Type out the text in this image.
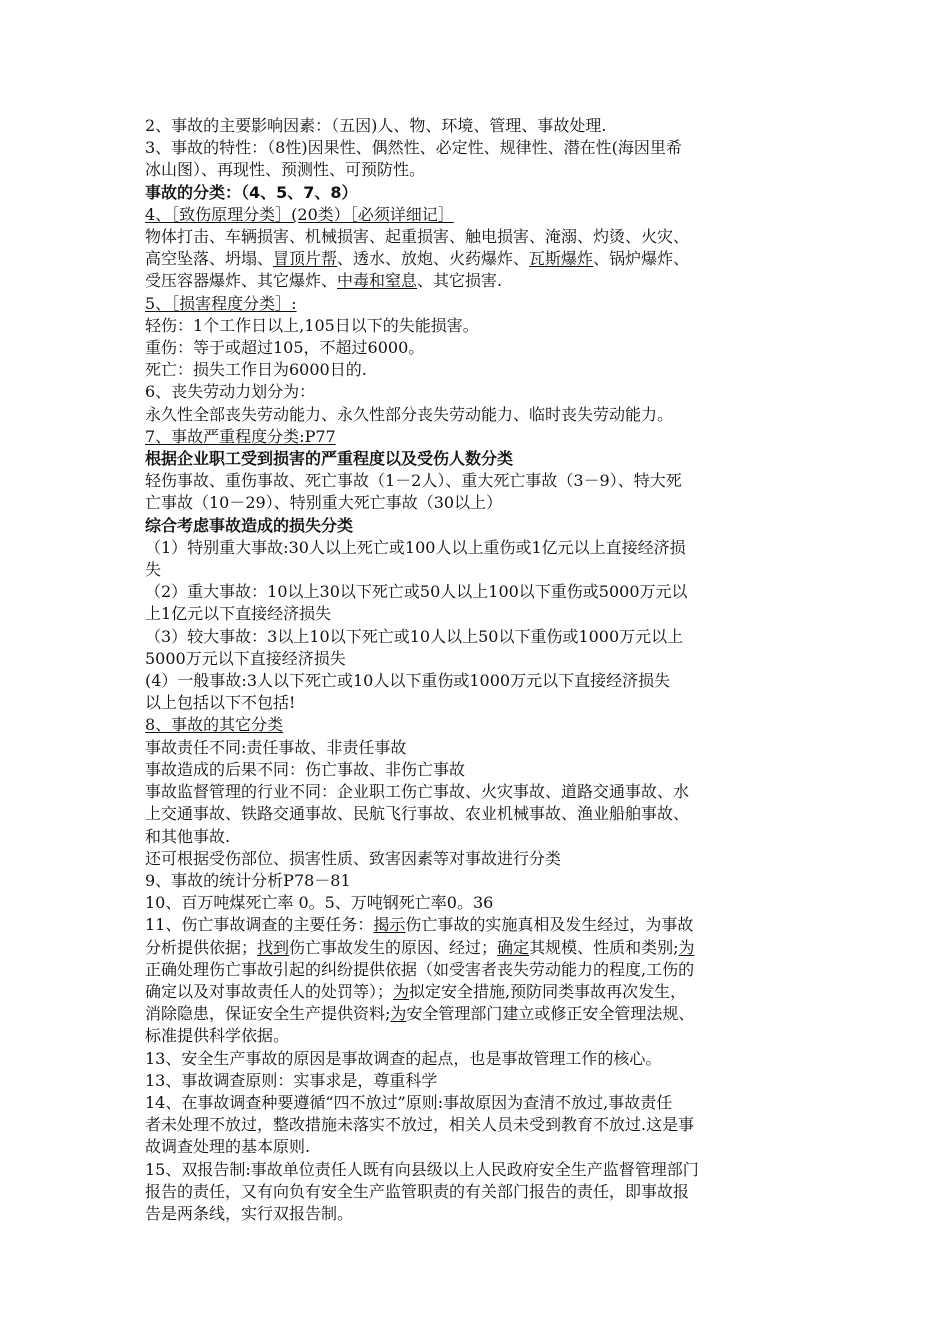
2、事故的主要影响因素：（五因)人、物、环境、管理、事故处理.

3、事故的特性：（8性)因果性、偶然性、必定性、规律性、潜在性(海因里希

冰山图）、再现性、预测性、可预防性。

事故的分类：（4、5、7、8）

4、［致伤原理分类］(20类）［必须详细记］

物体打击、车辆损害、机械损害、起重损害、触电损害、淹溺、灼烫、火灾、

高空坠落、坍塌、冒顶片帮、透水、放炮、火药爆炸、瓦斯爆炸、锅炉爆炸、

受压容器爆炸、其它爆炸、中毒和窒息、其它损害.

5、［损害程度分类］:

轻伤：1个工作日以上,105日以下的失能损害。

重伤：等于或超过105，不超过6000。

死亡：损失工作日为6000日的.

6、丧失劳动力划分为：

永久性全部丧失劳动能力、永久性部分丧失劳动能力、临时丧失劳动能力。

7、事故严重程度分类:P77

根据企业职工受到损害的严重程度以及受伤人数分类

轻伤事故、重伤事故、死亡事故（1－2人）、重大死亡事故（3－9）、特大死

亡事故（10－29）、特别重大死亡事故（30以上）

综合考虑事故造成的损失分类

（1）特别重大事故:30人以上死亡或100人以上重伤或1亿元以上直接经济损

失

（2）重大事故：10以上30以下死亡或50人以上100以下重伤或5000万元以

上1亿元以下直接经济损失

（3）较大事故：3以上10以下死亡或10人以上50以下重伤或1000万元以上

5000万元以下直接经济损失

(4）一般事故:3人以下死亡或10人以下重伤或1000万元以下直接经济损失

以上包括以下不包括!

8、事故的其它分类

事故责任不同:责任事故、非责任事故

事故造成的后果不同：伤亡事故、非伤亡事故

事故监督管理的行业不同：企业职工伤亡事故、火灾事故、道路交通事故、水

上交通事故、铁路交通事故、民航飞行事故、农业机械事故、渔业船舶事故、

和其他事故.

还可根据受伤部位、损害性质、致害因素等对事故进行分类

9、事故的统计分析P78－81

10、百万吨煤死亡率 0。5、万吨钢死亡率0。36

11、伤亡事故调查的主要任务：揭示伤亡事故的实施真相及发生经过，为事故

分析提供依据；找到伤亡事故发生的原因、经过；确定其规模、性质和类别;为

正确处理伤亡事故引起的纠纷提供依据（如受害者丧失劳动能力的程度,工伤的

确定以及对事故责任人的处罚等）；为拟定安全措施,预防同类事故再次发生，

消除隐患，保证安全生产提供资料;为安全管理部门建立或修正安全管理法规、

标准提供科学依据。

13、安全生产事故的原因是事故调查的起点，也是事故管理工作的核心。

13、事故调查原则：实事求是，尊重科学

14、在事故调查种要遵循“四不放过”原则:事故原因为查清不放过,事故责任

者未处理不放过，整改措施未落实不放过，相关人员未受到教育不放过.这是事

故调查处理的基本原则.

15、双报告制:事故单位责任人既有向县级以上人民政府安全生产监督管理部门

报告的责任，又有向负有安全生产监管职责的有关部门报告的责任，即事故报

告是两条线，实行双报告制。
